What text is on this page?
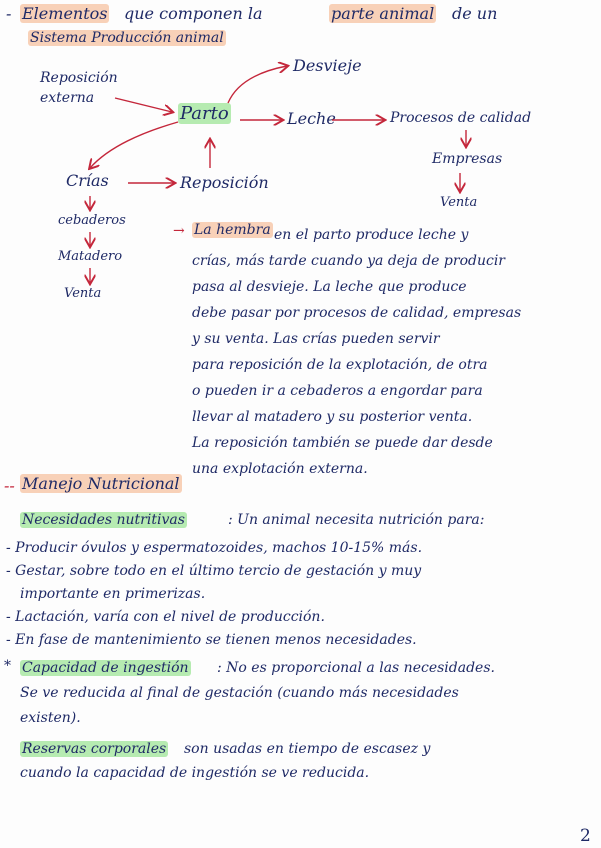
- Elementos que componen la	parte animal de un
Sistema Producción animal
Reposición externa
Parto
Desvieje
Leche	Procesos de calidad
Empresas
Venta
Crías	Reposición
cebaderos
Matadero
Venta
→ La hembra en el parto produce leche y
crías, más tarde cuando ya deja de producir
pasa al desvieje. La leche que produce
debe pasar por procesos de calidad, empresas
y su venta. Las crías pueden servir
para reposición de la explotación, de otra
o pueden ir a cebaderos a engordar para
llevar al matadero y su posterior venta.
La reposición también se puede dar desde
una explotación externa.
-- Manejo Nutricional
Necesidades nutritivas	: Un animal necesita nutrición para:
- Producir óvulos y espermatozoides, machos 10-15% más.
- Gestar, sobre todo en el último tercio de gestación y muy
importante en primerizas.
- Lactación, varía con el nivel de producción.
- En fase de mantenimiento se tienen menos necesidades.
* Capacidad de ingestión : No es proporcional a las necesidades.
Se ve reducida al final de gestación (cuando más necesidades
existen).
Reservas corporales son usadas en tiempo de escasez y
cuando la capacidad de ingestión se ve reducida.
2
